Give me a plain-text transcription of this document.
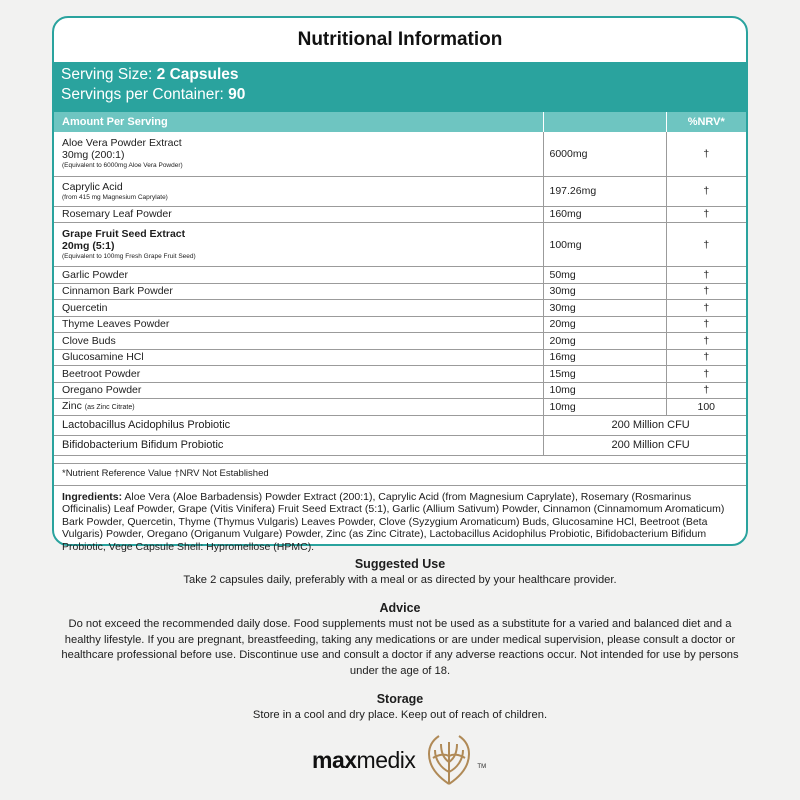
Nutritional Information
Serving Size: 2 Capsules
Servings per Container: 90
Amount Per Serving		%NRV*
Aloe Vera Powder Extract
30mg (200:1)
(Equivalent to 6000mg Aloe Vera Powder)	6000mg	†
Caprylic Acid
(from 415 mg Magnesium Caprylate)	197.26mg	†
Rosemary Leaf Powder	160mg	†
Grape Fruit Seed Extract
20mg (5:1)
(Equivalent to 100mg Fresh Grape Fruit Seed)	100mg	†
Garlic Powder	50mg	†
Cinnamon Bark Powder	30mg	†
Quercetin	30mg	†
Thyme Leaves Powder	20mg	†
Clove Buds	20mg	†
Glucosamine HCl	16mg	†
Beetroot Powder	15mg	†
Oregano Powder	10mg	†
Zinc (as Zinc Citrate)	10mg	100
Lactobacillus Acidophilus Probiotic	200 Million CFU	
Bifidobacterium Bifidum Probiotic	200 Million CFU	
*Nutrient Reference Value †NRV Not Established
Ingredients: Aloe Vera (Aloe Barbadensis) Powder Extract (200:1), Caprylic Acid (from Magnesium Caprylate), Rosemary (Rosmarinus Officinalis) Leaf Powder, Grape (Vitis Vinifera) Fruit Seed Extract (5:1), Garlic (Allium Sativum) Powder, Cinnamon (Cinnamomum Aromaticum) Bark Powder, Quercetin, Thyme (Thymus Vulgaris) Leaves Powder, Clove (Syzygium Aromaticum) Buds, Glucosamine HCl, Beetroot (Beta Vulgaris) Powder, Oregano (Origanum Vulgare) Powder, Zinc (as Zinc Citrate), Lactobacillus Acidophilus Probiotic, Bifidobacterium Bifidum Probiotic, Vege Capsule Shell: Hypromellose (HPMC).
Suggested Use

Take 2 capsules daily, preferably with a meal or as directed by your healthcare provider.

Advice

Do not exceed the recommended daily dose. Food supplements must not be used as a substitute for a varied and balanced diet and a healthy lifestyle. If you are pregnant, breastfeeding, taking any medications or are under medical supervision, please consult a doctor or healthcare professional before use. Discontinue use and consult a doctor if any adverse reactions occur. Not intended for use by persons under the age of 18.

Storage

Store in a cool and dry place. Keep out of reach of children.

maxmedix	TM
